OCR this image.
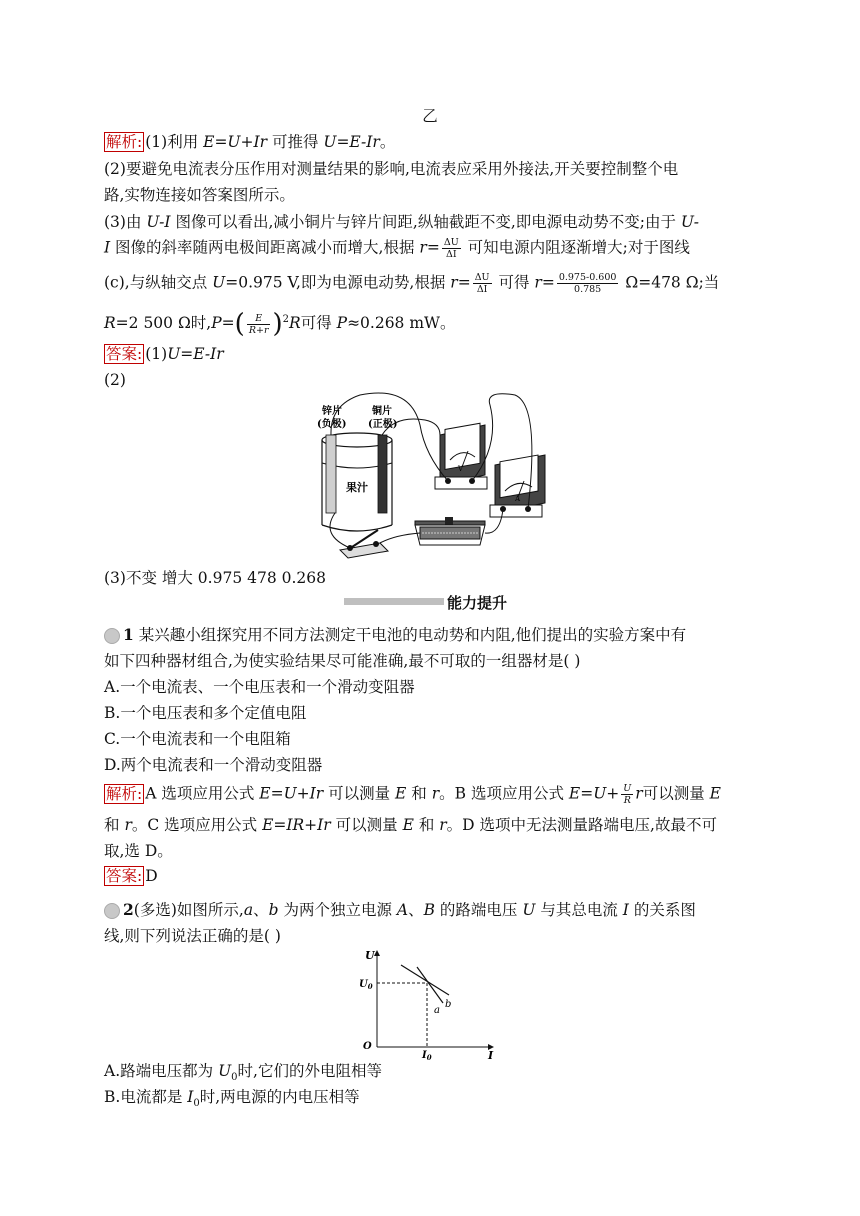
乙
解析: (1)利用 E=U+Ir 可推得 U=E-Ir。
(2)要避免电流表分压作用对测量结果的影响,电流表应采用外接法,开关要控制整个电
路,实物连接如答案图所示。
(3)由 U-I 图像可以看出,减小铜片与锌片间距,纵轴截距不变,即电源电动势不变;由于 U-
I 图像的斜率随两电极间距离减小而增大,根据 $r= \frac{\Delta U}{\Delta I}$ 可知电源内阻逐渐增大;对于图线
(c),与纵轴交点 U=0.975 V,即为电源电动势,根据 $r= \frac{\Delta U}{\Delta I}$ 可得 $r= \frac{0.975-0.600}{0.785} \Omega=478$ Ω;当
R=2 500 Ω时$,P=( \frac{E}{R+r} )^2R$可得 P≈0.268 mW。
答案: (1)U=E-Ir
(2)
锌片
(负极)
铜片
(正极)
果汁
V
A
(3)不变 增大 0.975 478 0.268
能力提升
1 某兴趣小组探究用不同方法测定干电池的电动势和内阻,他们提出的实验方案中有
如下四种器材组合,为使实验结果尽可能准确,最不可取的一组器材是( )
A.一个电流表、一个电压表和一个滑动变阻器
B.一个电压表和多个定值电阻
C.一个电流表和一个电阻箱
D.两个电流表和一个滑动变阻器
解析: A 选项应用公式 E=U+Ir 可以测量 E 和 r。B 选项应用公式 $E=U+ \frac{U}{R}$ r可以测量 E
和 r。C 选项应用公式 E=IR+Ir 可以测量 E 和 r。D 选项中无法测量路端电压,故最不可
取,选 D。
答案: D
2(多选)如图所示,a、b 为两个独立电源 A、B 的路端电压 U 与其总电流 I 的关系图
线,则下列说法正确的是( )
U
I
O
$U_0$
$I_0$
a
b
A.路端电压都为 $U_0$时,它们的外电阻相等
B.电流都是 $I_0$时,两电源的内电压相等
